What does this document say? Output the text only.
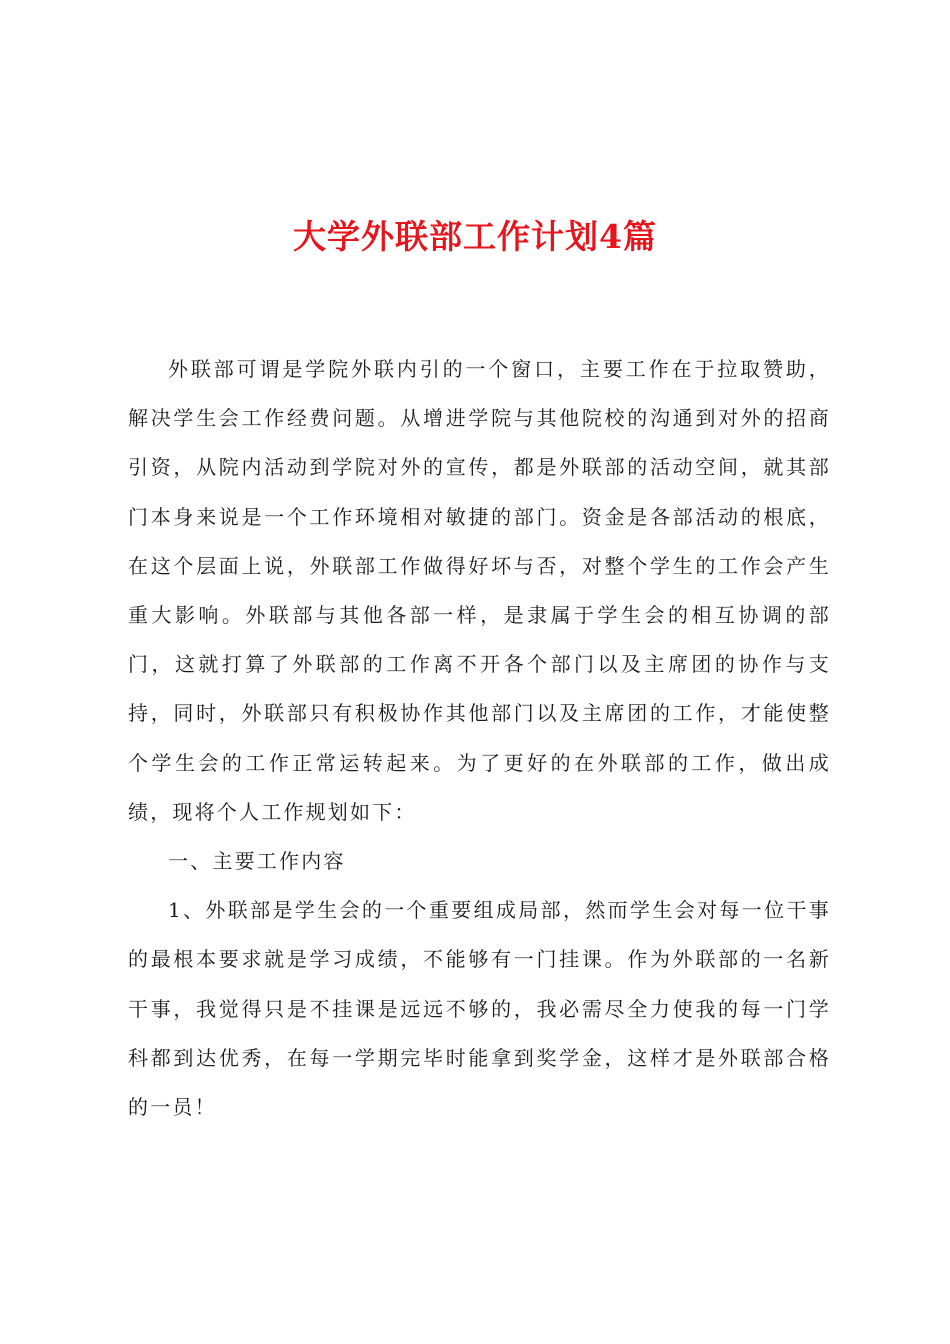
大学外联部工作计划4篇

外联部可谓是学院外联内引的一个窗口，主要工作在于拉取赞助，解决学生会工作经费问题。从增进学院与其他院校的沟通到对外的招商引资，从院内活动到学院对外的宣传，都是外联部的活动空间，就其部门本身来说是一个工作环境相对敏捷的部门。资金是各部活动的根底，在这个层面上说，外联部工作做得好坏与否，对整个学生的工作会产生重大影响。外联部与其他各部一样，是隶属于学生会的相互协调的部门，这就打算了外联部的工作离不开各个部门以及主席团的协作与支持，同时，外联部只有积极协作其他部门以及主席团的工作，才能使整个学生会的工作正常运转起来。为了更好的在外联部的工作，做出成绩，现将个人工作规划如下：

一、主要工作内容

1、外联部是学生会的一个重要组成局部，然而学生会对每一位干事的最根本要求就是学习成绩，不能够有一门挂课。作为外联部的一名新干事，我觉得只是不挂课是远远不够的，我必需尽全力使我的每一门学科都到达优秀，在每一学期完毕时能拿到奖学金，这样才是外联部合格的一员！
